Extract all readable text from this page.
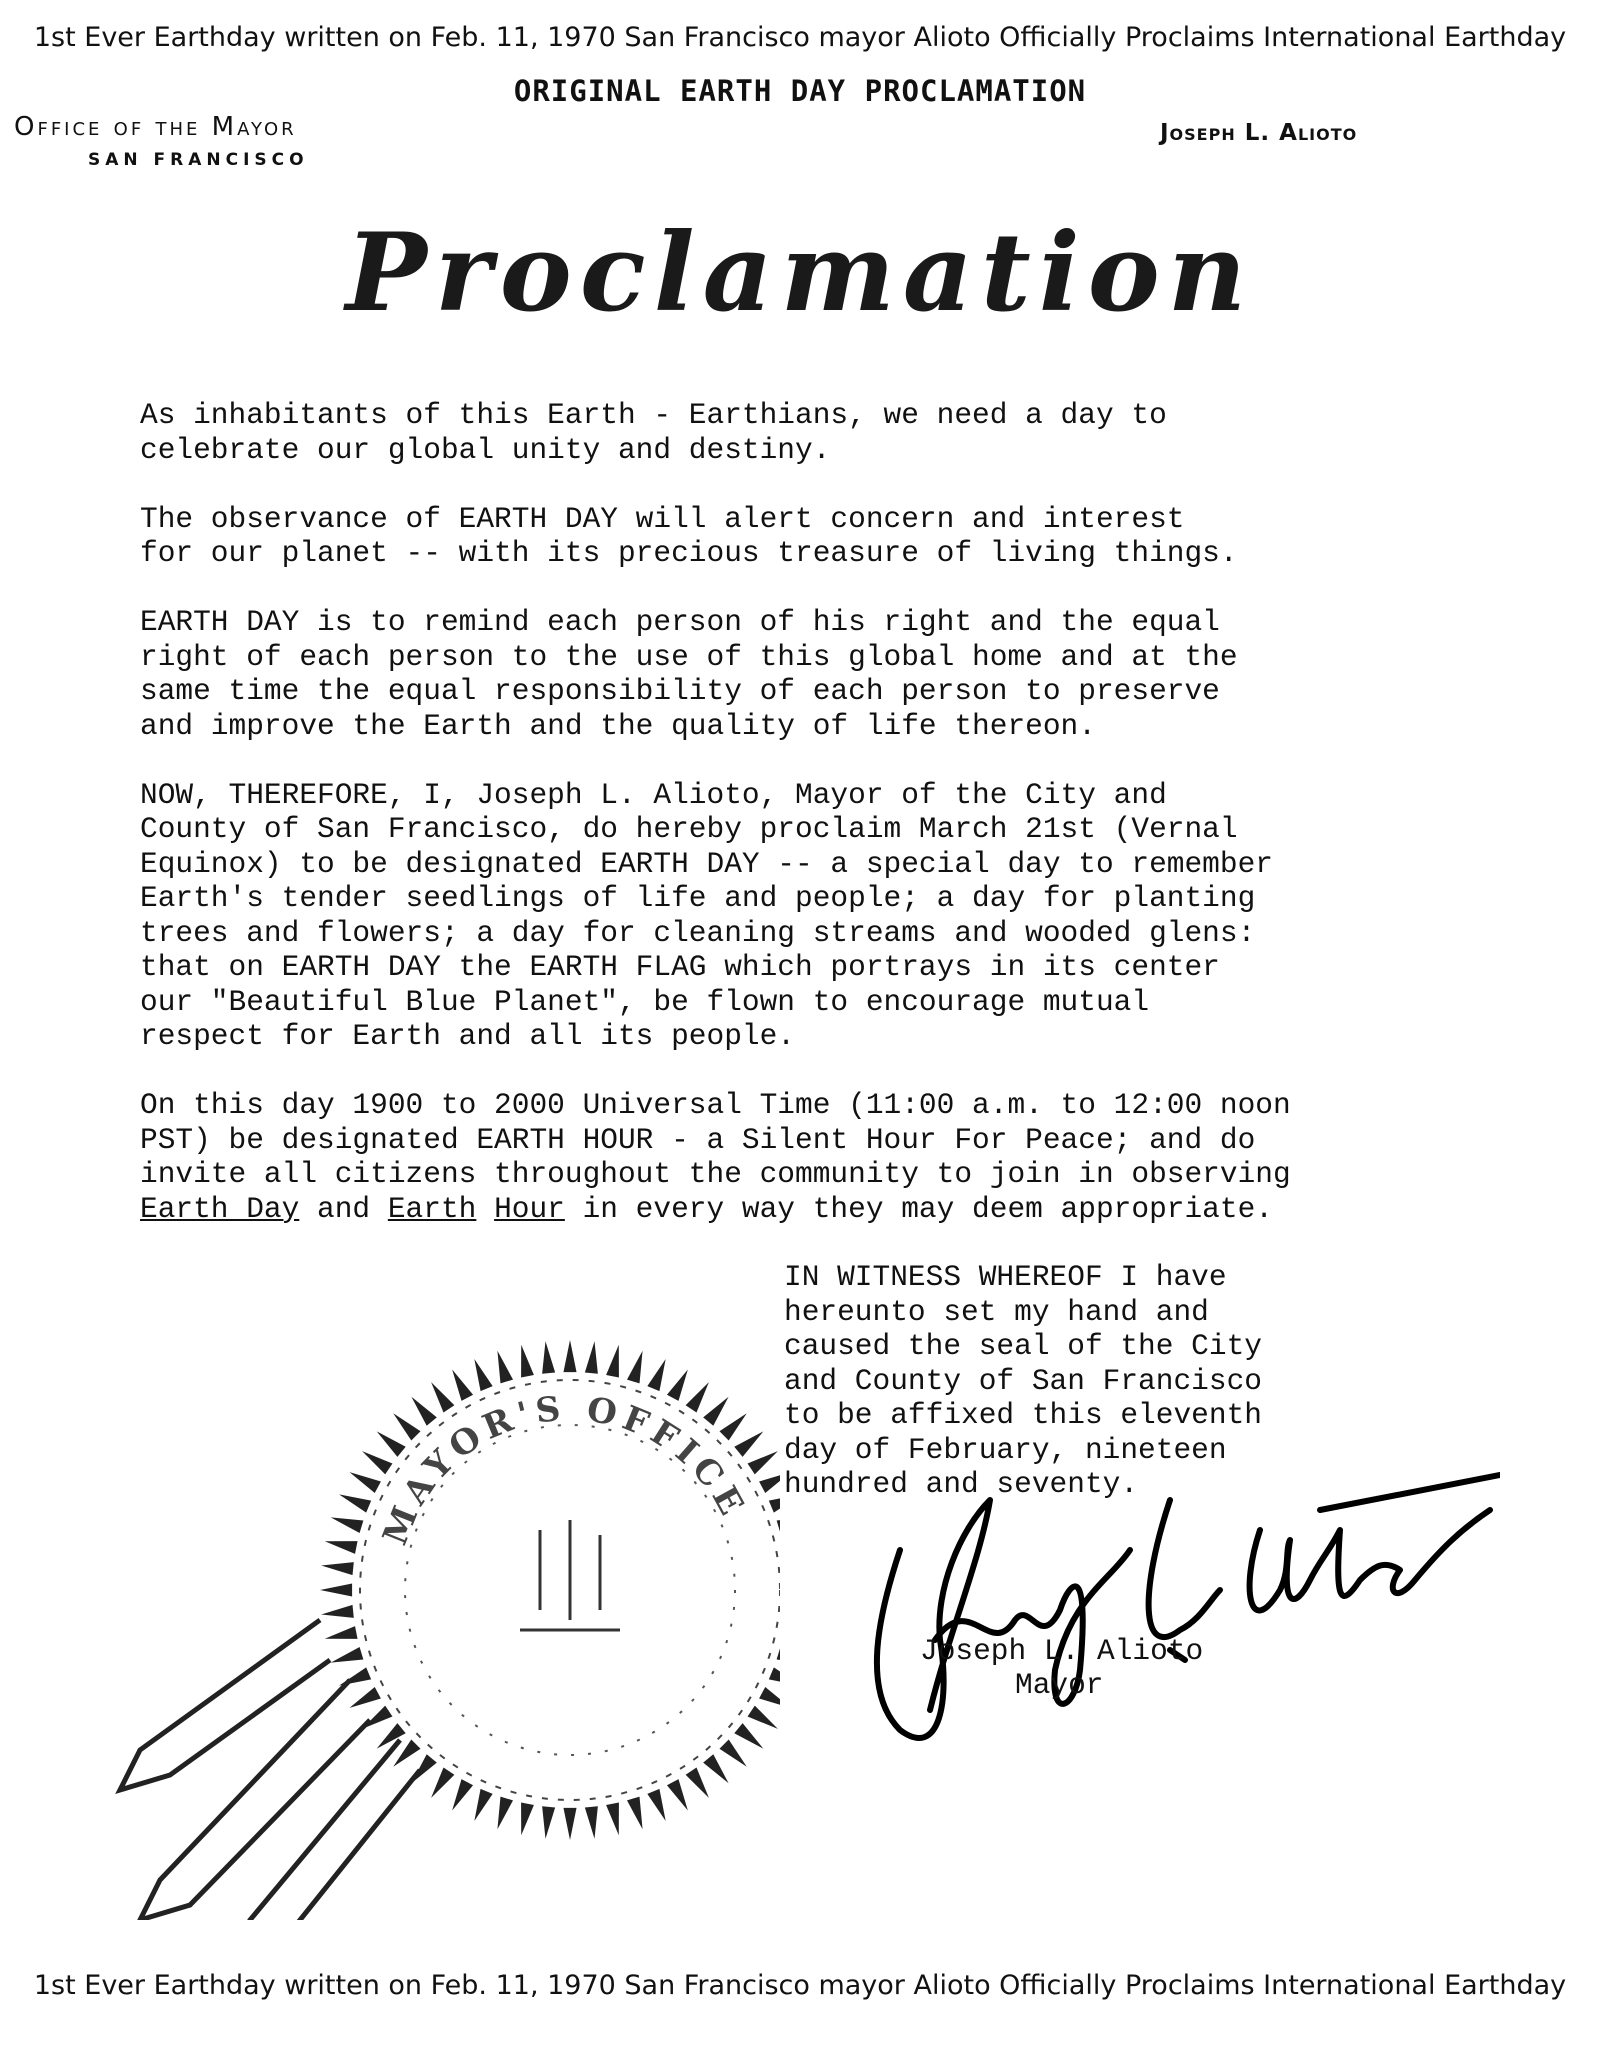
1st Ever Earthday written on Feb. 11, 1970 San Francisco mayor Alioto Officially Proclaims International Earthday
ORIGINAL EARTH DAY PROCLAMATION
Office of the Mayor
SAN FRANCISCO
Joseph L. Alioto
Proclamation

As inhabitants of this Earth - Earthians, we need a day to
celebrate our global unity and destiny.

The observance of EARTH DAY will alert concern and interest
for our planet -- with its precious treasure of living things.

EARTH DAY is to remind each person of his right and the equal
right of each person to the use of this global home and at the
same time the equal responsibility of each person to preserve
and improve the Earth and the quality of life thereon.

NOW, THEREFORE, I, Joseph L. Alioto, Mayor of the City and
County of San Francisco, do hereby proclaim March 21st (Vernal
Equinox) to be designated EARTH DAY -- a special day to remember
Earth's tender seedlings of life and people; a day for planting
trees and flowers; a day for cleaning streams and wooded glens:
that on EARTH DAY the EARTH FLAG which portrays in its center
our "Beautiful Blue Planet", be flown to encourage mutual
respect for Earth and all its people.

On this day 1900 to 2000 Universal Time (11:00 a.m. to 12:00 noon
PST) be designated EARTH HOUR - a Silent Hour For Peace; and do
invite all citizens throughout the community to join in observing
Earth Day and Earth Hour in every way they may deem appropriate.

IN WITNESS WHEREOF I have
hereunto set my hand and
caused the seal of the City
and County of San Francisco
to be affixed this eleventh
day of February, nineteen
hundred and seventy.
MAYOR'S OFFICE
Joseph L. Alioto
Mayor
1st Ever Earthday written on Feb. 11, 1970 San Francisco mayor Alioto Officially Proclaims International Earthday
